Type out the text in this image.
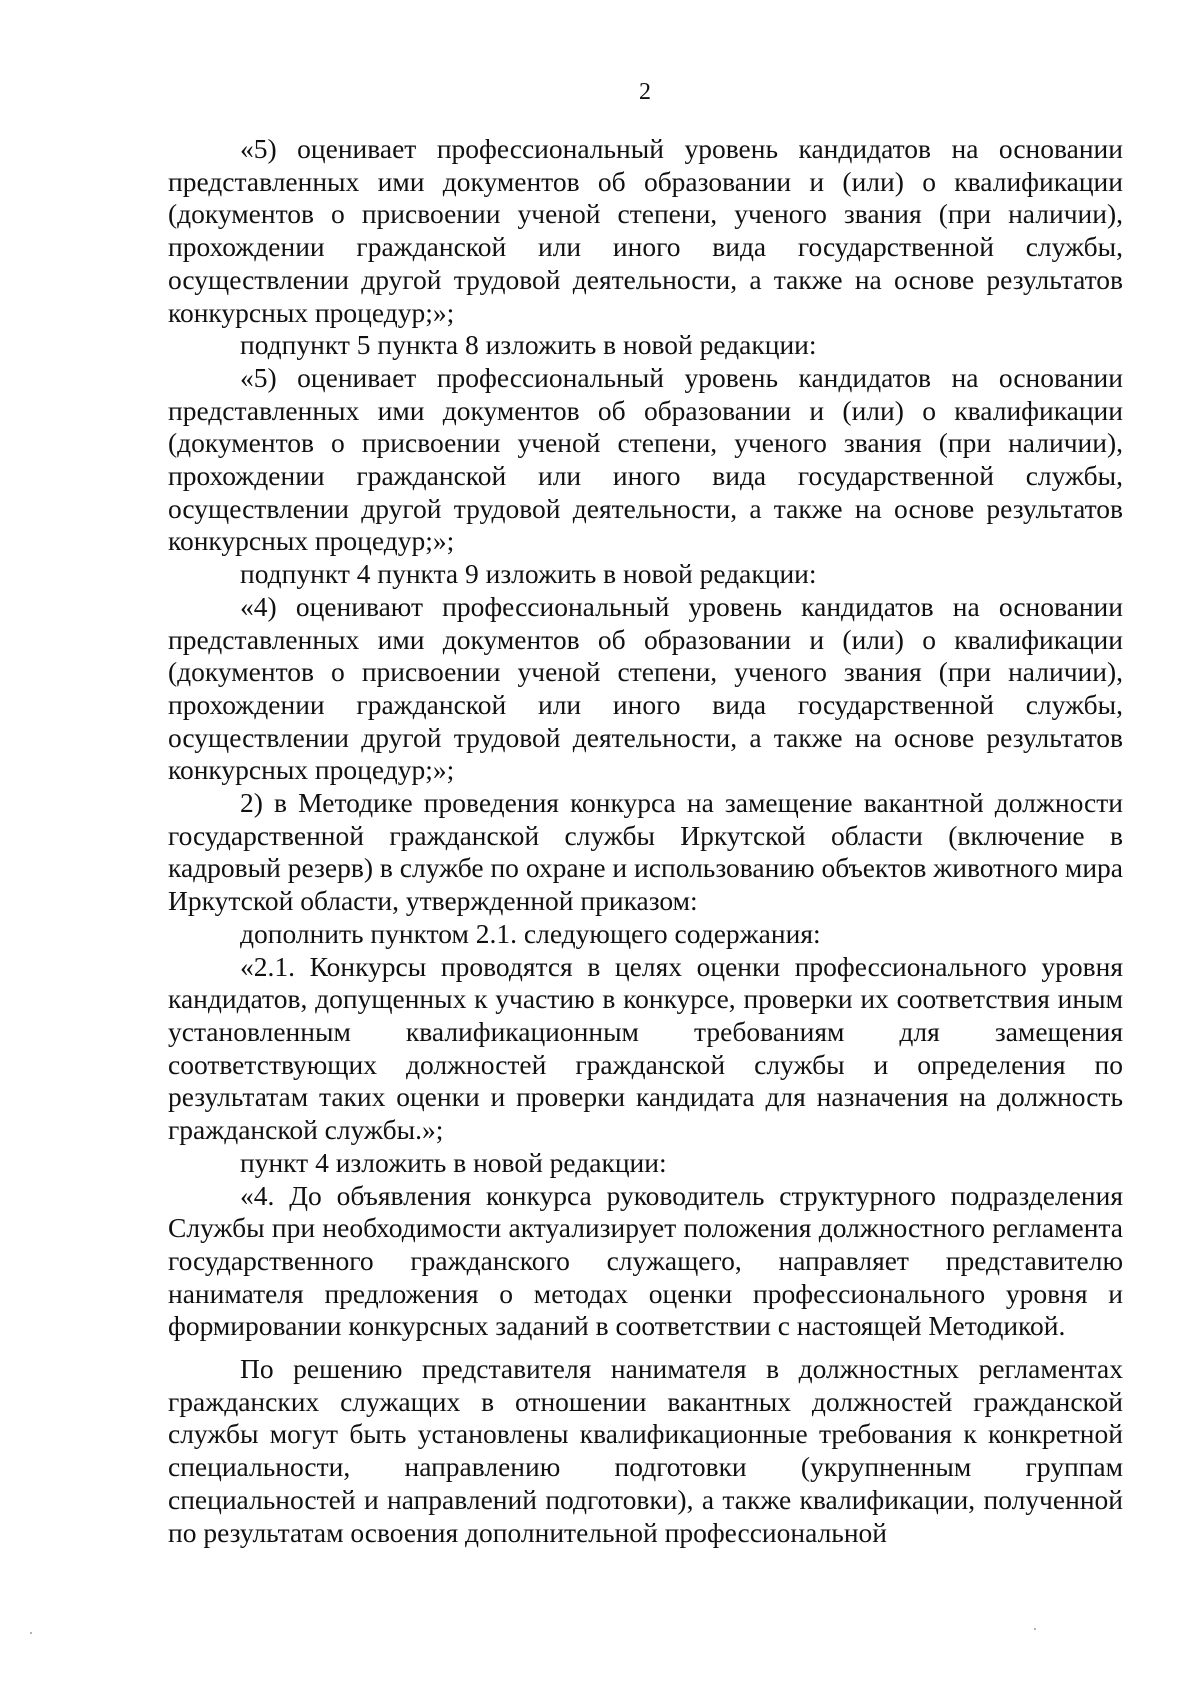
2

«5) оценивает профессиональный уровень кандидатов на основании представленных ими документов об образовании и (или) о квалификации (документов о присвоении ученой степени, ученого звания (при наличии), прохождении гражданской или иного вида государственной службы, осуществлении другой трудовой деятельности, а также на основе результатов конкурсных процедур;»;

подпункт 5 пункта 8 изложить в новой редакции:

«5) оценивает профессиональный уровень кандидатов на основании представленных ими документов об образовании и (или) о квалификации (документов о присвоении ученой степени, ученого звания (при наличии), прохождении гражданской или иного вида государственной службы, осуществлении другой трудовой деятельности, а также на основе результатов конкурсных процедур;»;

подпункт 4 пункта 9 изложить в новой редакции:

«4) оценивают профессиональный уровень кандидатов на основании представленных ими документов об образовании и (или) о квалификации (документов о присвоении ученой степени, ученого звания (при наличии), прохождении гражданской или иного вида государственной службы, осуществлении другой трудовой деятельности, а также на основе результатов конкурсных процедур;»;

2) в Методике проведения конкурса на замещение вакантной должности государственной гражданской службы Иркутской области (включение в кадровый резерв) в службе по охране и использованию объектов животного мира Иркутской области, утвержденной приказом:

дополнить пунктом 2.1. следующего содержания:

«2.1. Конкурсы проводятся в целях оценки профессионального уровня кандидатов, допущенных к участию в конкурсе, проверки их соответствия иным установленным квалификационным требованиям для замещения соответствующих должностей гражданской службы и определения по результатам таких оценки и проверки кандидата для назначения на должность гражданской службы.»;

пункт 4 изложить в новой редакции:

«4. До объявления конкурса руководитель структурного подразделения Службы при необходимости актуализирует положения должностного регламента государственного гражданского служащего, направляет представителю нанимателя предложения о методах оценки профессионального уровня и формировании конкурсных заданий в соответствии с настоящей Методикой.

По решению представителя нанимателя в должностных регламентах гражданских служащих в отношении вакантных должностей гражданской службы могут быть установлены квалификационные требования к конкретной специальности, направлению подготовки (укрупненным группам специальностей и направлений подготовки), а также квалификации, полученной по результатам освоения дополнительной профессиональной
